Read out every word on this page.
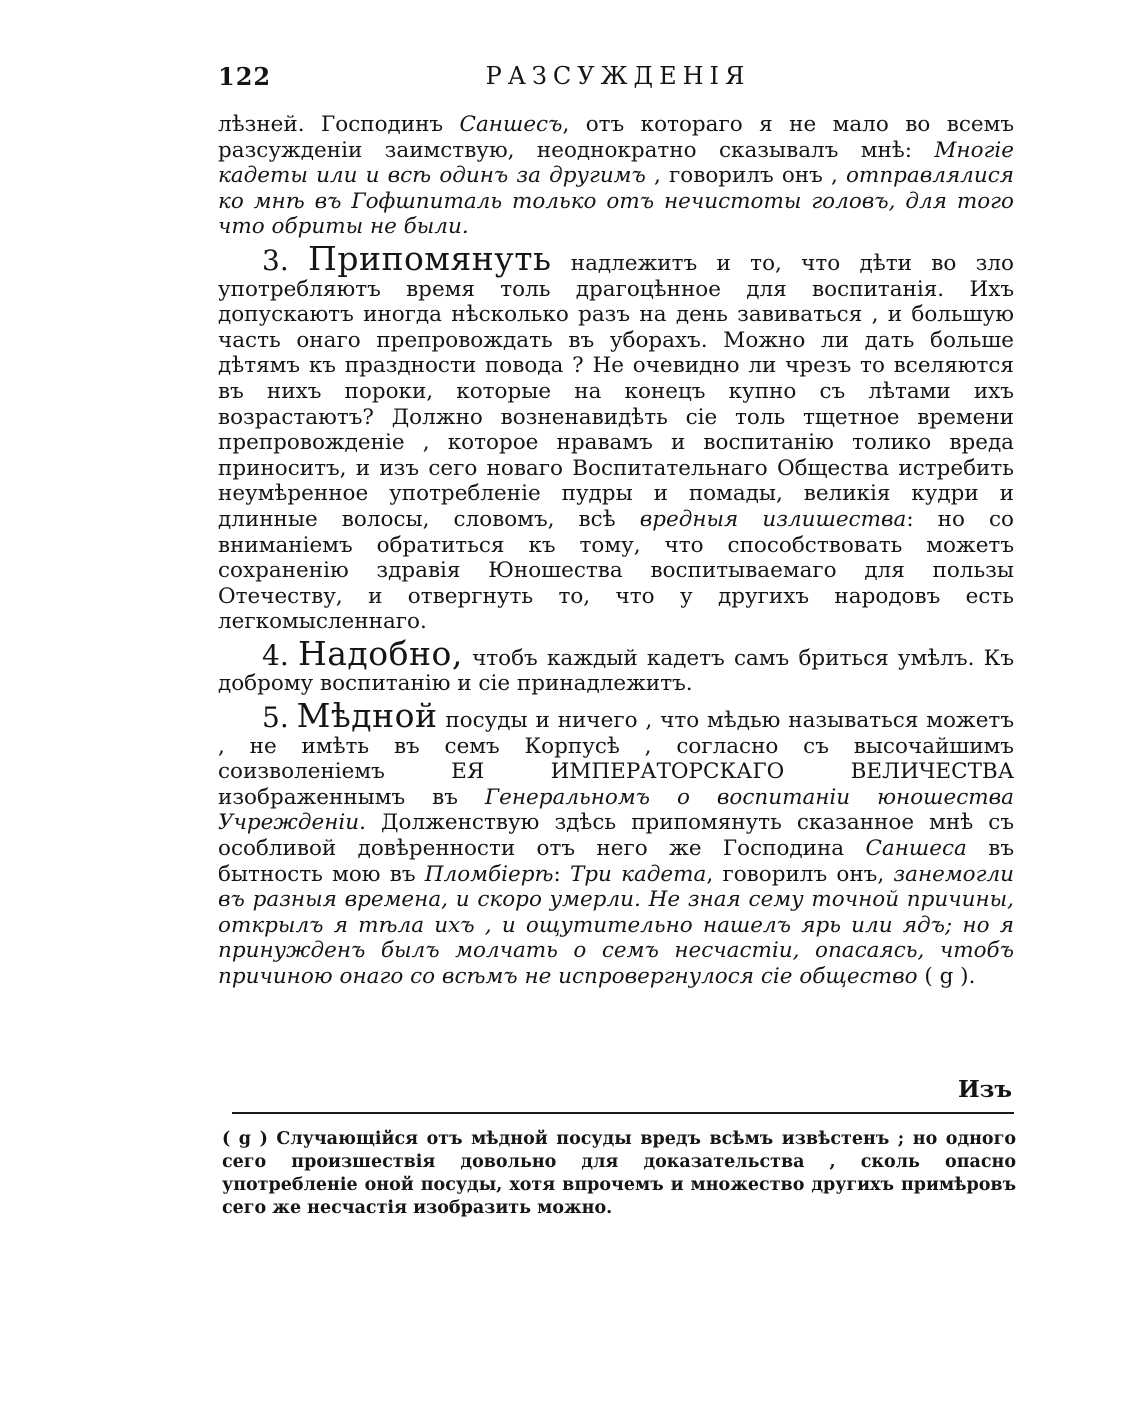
122	РАЗСУЖДЕНІЯ

лѣзней. Господинъ Саншесъ, отъ котораго я не мало во всемъ разсужденіи заимствую, неоднократно сказывалъ мнѣ: Многіе кадеты или и всѣ одинъ за другимъ , говорилъ онъ , отправлялися ко мнѣ въ Гофшпиталь только отъ нечистоты головъ, для того что обриты не были.

3. Припомянуть надлежитъ и то, что дѣти во зло употребляютъ время толь драгоцѣнное для воспитанія. Ихъ допускаютъ иногда нѣсколько разъ на день завиваться , и большую часть онаго препровождать въ уборахъ. Можно ли дать больше дѣтямъ къ праздности повода ? Не очевидно ли чрезъ то вселяются въ нихъ пороки, которые на конецъ купно съ лѣтами ихъ возрастаютъ? Должно возненавидѣть сіе толь тщетное времени препровожденіе , которое нравамъ и воспитанію толико вреда приноситъ, и изъ сего новаго Воспитательнаго Общества истребить неумѣренное употребленіе пудры и помады, великія кудри и длинные волосы, словомъ, всѣ вредныя излишества: но со вниманіемъ обратиться къ тому, что способствовать можетъ сохраненію здравія Юношества воспитываемаго для пользы Отечеству, и отвергнуть то, что у другихъ народовъ есть легкомысленнаго.

4. Надобно, чтобъ каждый кадетъ самъ бриться умѣлъ. Къ доброму воспитанію и сіе принадлежитъ.

5. Мѣдной посуды и ничего , что мѣдью называться можетъ , не имѣть въ семъ Корпусѣ , согласно съ высочайшимъ соизволеніемъ ЕЯ ИМПЕРАТОРСКАГО ВЕЛИЧЕСТВА изображеннымъ въ Генеральномъ о воспитаніи юношества Учрежденіи. Долженствую здѣсь припомянуть сказанное мнѣ съ особливой довѣренности отъ него же Господина Саншеса въ бытность мою въ Пломбіерѣ: Три кадета, говорилъ онъ, занемогли въ разныя времена, и скоро умерли. Не зная сему точной причины, открылъ я тѣла ихъ , и ощутительно нашелъ ярь или ядъ; но я принужденъ былъ молчать о семъ несчастіи, опасаясь, чтобъ причиною онаго со всѣмъ не испровергнулося сіе общество ( g ).

Изъ

( g ) Случающійся отъ мѣдной посуды вредъ всѣмъ извѣстенъ ; но одного сего произшествія довольно для доказательства , сколь опасно употребленіе оной посуды, хотя впрочемъ и множество другихъ примѣровъ сего же несчастія изобразить можно.
